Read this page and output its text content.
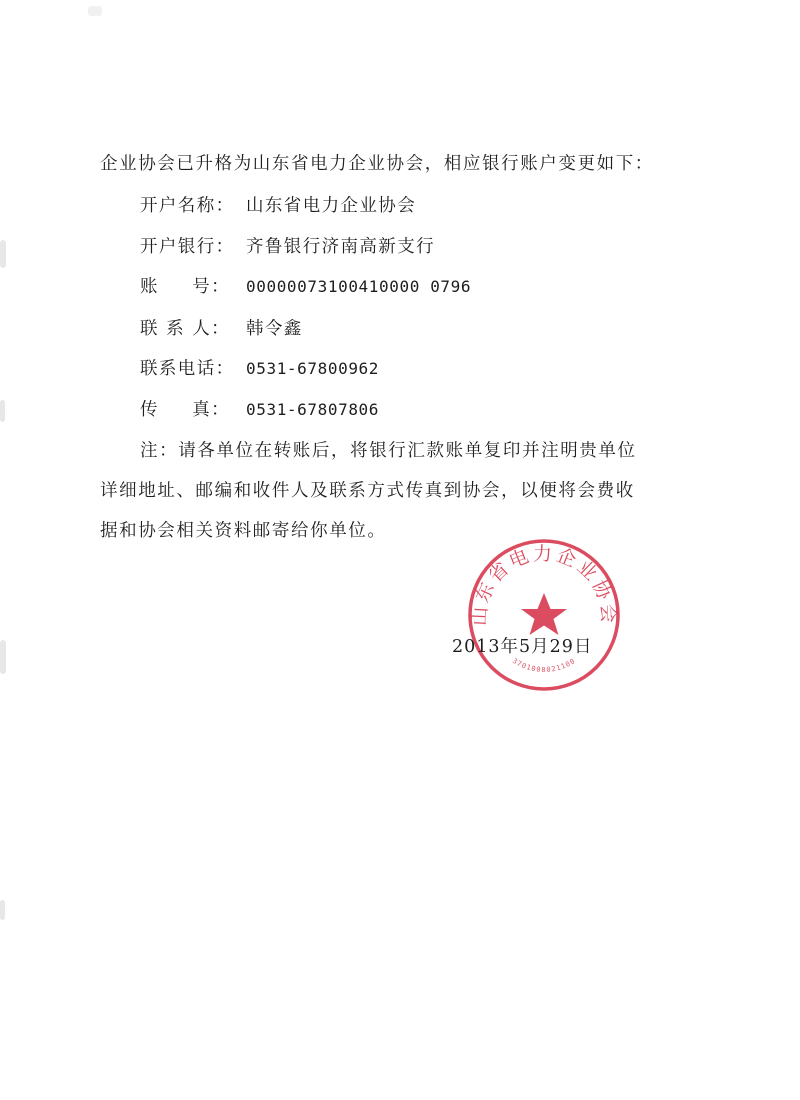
企业协会已升格为山东省电力企业协会，相应银行账户变更如下：
开户名称： 山东省电力企业协会
开户银行： 齐鲁银行济南高新支行
账 号： 00000073100410000 0796
联 系 人： 韩令鑫
联系电话： 0531-67800962
传 真： 0531-67807806
注：请各单位在转账后，将银行汇款账单复印并注明贵单位
详细地址、邮编和收件人及联系方式传真到协会，以便将会费收
据和协会相关资料邮寄给你单位。
山东省电力企业协会
3701008021100
2013年5月29日
